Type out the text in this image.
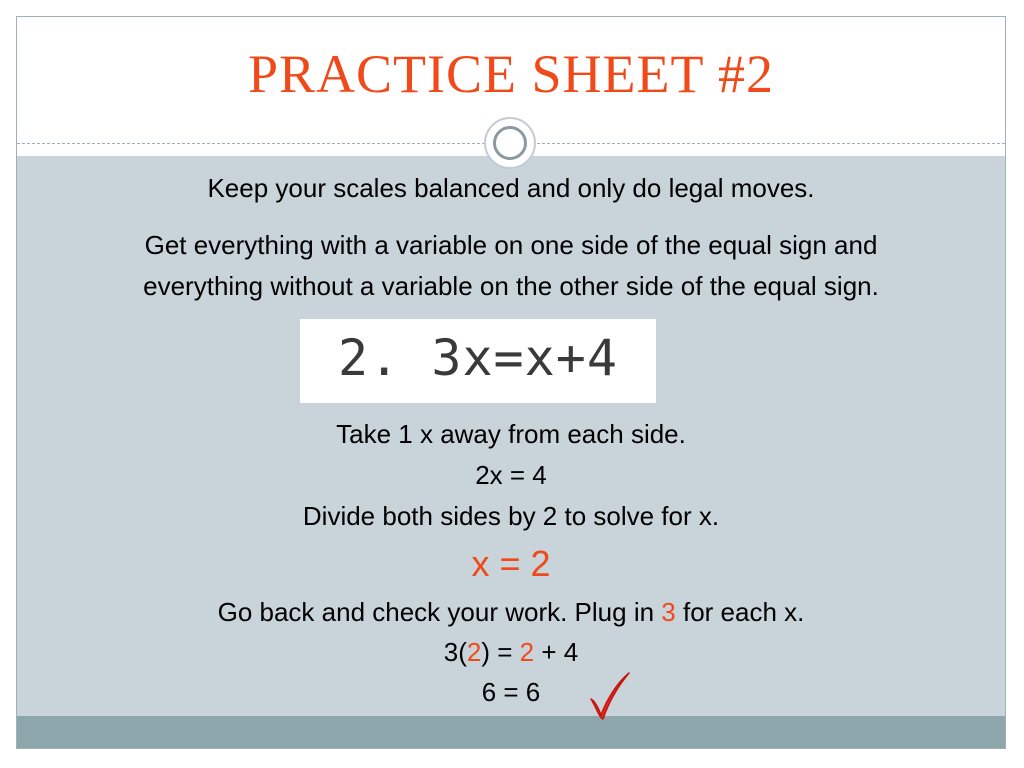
PRACTICE SHEET #2

Keep your scales balanced and only do legal moves.

Get everything with a variable on one side of the equal sign and

everything without a variable on the other side of the equal sign.

2. 3x=x+4

Take 1 x away from each side.

2x = 4

Divide both sides by 2 to solve for x.

x = 2

Go back and check your work. Plug in 3 for each x.

3(2) = 2 + 4

6 = 6
